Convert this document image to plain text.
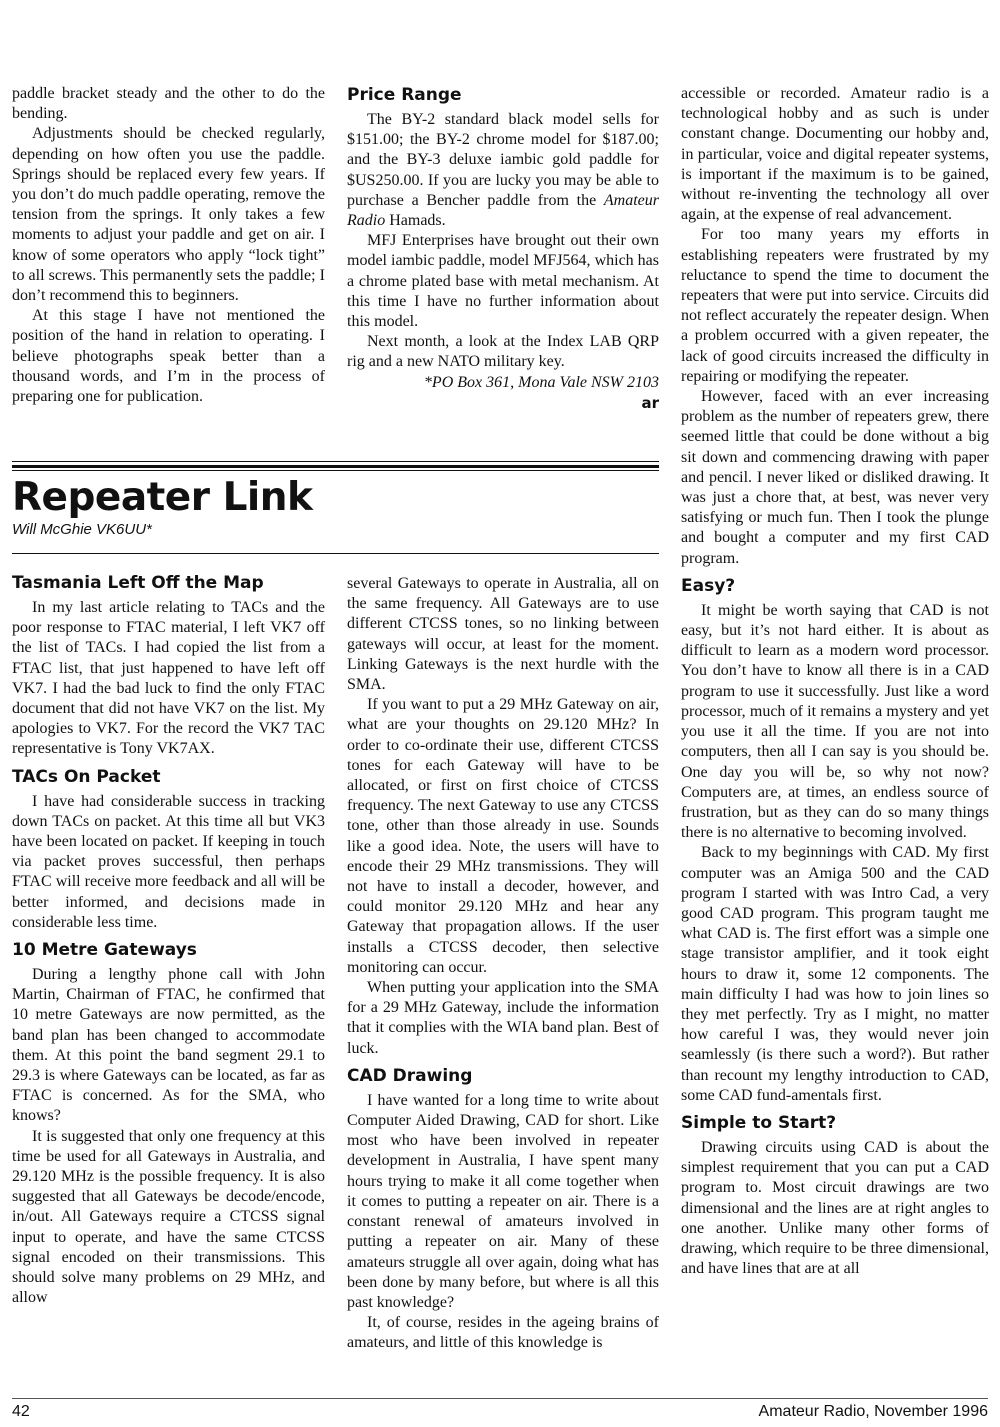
paddle bracket steady and the other to do the bending.

Adjustments should be checked regularly, depending on how often you use the paddle. Springs should be replaced every few years. If you don’t do much paddle operating, remove the tension from the springs. It only takes a few moments to adjust your paddle and get on air. I know of some operators who apply “lock tight” to all screws. This permanently sets the paddle; I don’t recommend this to beginners.

At this stage I have not mentioned the position of the hand in relation to operating. I believe photographs speak better than a thousand words, and I’m in the process of preparing one for publication.

Price Range

The BY-2 standard black model sells for $151.00; the BY-2 chrome model for $187.00; and the BY-3 deluxe iambic gold paddle for $US250.00. If you are lucky you may be able to purchase a Bencher paddle from the Amateur Radio Hamads.

MFJ Enterprises have brought out their own model iambic paddle, model MFJ564, which has a chrome plated base with metal mechanism. At this time I have no further information about this model.

Next month, a look at the Index LAB QRP rig and a new NATO military key.

*PO Box 361, Mona Vale NSW 2103

ar

Repeater Link

Will McGhie VK6UU*

Tasmania Left Off the Map

In my last article relating to TACs and the poor response to FTAC material, I left VK7 off the list of TACs. I had copied the list from a FTAC list, that just happened to have left off VK7. I had the bad luck to find the only FTAC document that did not have VK7 on the list. My apologies to VK7. For the record the VK7 TAC representative is Tony VK7AX.

TACs On Packet

I have had considerable success in tracking down TACs on packet. At this time all but VK3 have been located on packet. If keeping in touch via packet proves successful, then perhaps FTAC will receive more feedback and all will be better informed, and decisions made in considerable less time.

10 Metre Gateways

During a lengthy phone call with John Martin, Chairman of FTAC, he confirmed that 10 metre Gateways are now permitted, as the band plan has been changed to accommodate them. At this point the band segment 29.1 to 29.3 is where Gateways can be located, as far as FTAC is concerned. As for the SMA, who knows?

It is suggested that only one frequency at this time be used for all Gateways in Australia, and 29.120 MHz is the possible frequency. It is also suggested that all Gateways be decode/encode, in/out. All Gateways require a CTCSS signal input to operate, and have the same CTCSS signal encoded on their transmissions. This should solve many problems on 29 MHz, and allow

several Gateways to operate in Australia, all on the same frequency. All Gateways are to use different CTCSS tones, so no linking between gateways will occur, at least for the moment. Linking Gateways is the next hurdle with the SMA.

If you want to put a 29 MHz Gateway on air, what are your thoughts on 29.120 MHz? In order to co-ordinate their use, different CTCSS tones for each Gateway will have to be allocated, or first on first choice of CTCSS frequency. The next Gateway to use any CTCSS tone, other than those already in use. Sounds like a good idea. Note, the users will have to encode their 29 MHz transmissions. They will not have to install a decoder, however, and could monitor 29.120 MHz and hear any Gateway that propagation allows. If the user installs a CTCSS decoder, then selective monitoring can occur.

When putting your application into the SMA for a 29 MHz Gateway, include the information that it complies with the WIA band plan. Best of luck.

CAD Drawing

I have wanted for a long time to write about Computer Aided Drawing, CAD for short. Like most who have been involved in repeater development in Australia, I have spent many hours trying to make it all come together when it comes to putting a repeater on air. There is a constant renewal of amateurs involved in putting a repeater on air. Many of these amateurs struggle all over again, doing what has been done by many before, but where is all this past knowledge?

It, of course, resides in the ageing brains of amateurs, and little of this knowledge is

accessible or recorded. Amateur radio is a technological hobby and as such is under constant change. Documenting our hobby and, in particular, voice and digital repeater systems, is important if the maximum is to be gained, without re-inventing the technology all over again, at the expense of real advancement.

For too many years my efforts in establishing repeaters were frustrated by my reluctance to spend the time to document the repeaters that were put into service. Circuits did not reflect accurately the repeater design. When a problem occurred with a given repeater, the lack of good circuits increased the difficulty in repairing or modifying the repeater.

However, faced with an ever increasing problem as the number of repeaters grew, there seemed little that could be done without a big sit down and commencing drawing with paper and pencil. I never liked or disliked drawing. It was just a chore that, at best, was never very satisfying or much fun. Then I took the plunge and bought a computer and my first CAD program.

Easy?

It might be worth saying that CAD is not easy, but it’s not hard either. It is about as difficult to learn as a modern word processor. You don’t have to know all there is in a CAD program to use it successfully. Just like a word processor, much of it remains a mystery and yet you use it all the time. If you are not into computers, then all I can say is you should be. One day you will be, so why not now? Computers are, at times, an endless source of frustration, but as they can do so many things there is no alternative to becoming involved.

Back to my beginnings with CAD. My first computer was an Amiga 500 and the CAD program I started with was Intro Cad, a very good CAD program. This program taught me what CAD is. The first effort was a simple one stage transistor amplifier, and it took eight hours to draw it, some 12 components. The main difficulty I had was how to join lines so they met perfectly. Try as I might, no matter how careful I was, they would never join seamlessly (is there such a word?). But rather than recount my lengthy introduction to CAD, some CAD fund-amentals first.

Simple to Start?

Drawing circuits using CAD is about the simplest requirement that you can put a CAD program to. Most circuit drawings are two dimensional and the lines are at right angles to one another. Unlike many other forms of drawing, which require to be three dimensional, and have lines that are at all

42	Amateur Radio, November 1996
